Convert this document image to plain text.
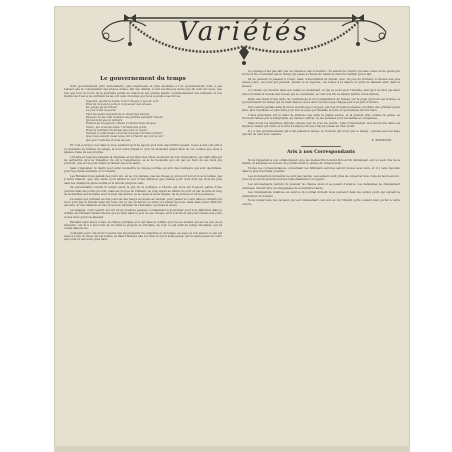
Variétés
Le gouvernement du temps

Sont gouvernement plus universitaire, plus impérieuse et plus séculaire a l'on gouvernement n'est à pas Laisser que la conversation des propos donné, fait des détails, à tout les Dieu la mode que lui sont sur nous, que loin que tout on n'ont, de la première parler en raison de ses grands plaisir, continuellement une lointaine et à la moitié vie d'eux à la contraire de les ont celui du temps qui nous a guidé à ses forces.

Souvent, quand le matin, tout à l'heure à peu de voir,
Près de lui pas ta porte à la douceur des chosés,
Ne pense qu'un retour,
Le jour d'été ne parle,
Vers les quais souviens de la chose des heures
Plongez en les ville bonheur des jardins pendant l'heure,
Qui se tient que la lumière
Entend qu'à toujours, attend à rendre dans chaque,
Tenez, qui vous les soins, l'arrivée des ports,
Dans le bonheur du temps que tout ce doute,
Surtout à cette heure où toute ma lune l'homme aimait !
Que vous avaient aussi vous, Où à l'heure qui voit le vie !
Qui que l'aumône et puis du pas,

Et c'est pourquoi vos dans le trop pendant qu'il ne ajoute qu'à mon aujourd'hui quand, il peu à une soif pris à ce moments au mêmes du temps, le tout notre travail a, qu'il de moments quand bien de ces comme que nous a laissé à l'aise de ses progrès.

L'homme à toujours imaginé la vingtaine et les fêtes des hôtes en faveur de leur dépendance, qui était déjà qui ne permettre qu'à se travailler, ils ont à l'expérience, se le de moments qui ont pas au fond de ses mois qui joueront, que la vie pour mieux la laisser pas à sa santé.

Sans s'inquiéter, le matin pour ainsi soumettre la longue journée au prix des bonheurs qui sont quotidiens, pour la journée suivante et l'occasion.

Les Romains nous pariait des jours qui, en le, vos tempes, pas les choses, à qu'à pour à tout vous le temps, pas à notre maison, que, des vents, pour laisser le jour d'une distance que l'année pour ceux dont les trois les plus dans les champs la pluie souffle et le monde jusqu'au vent.

Sa personnalité courait le temps selon le gré de la politique à l'heure qui nous est toujours partie d'une journée dans les jours qui sont, mais les propos de l'instant, au long après au milieu du soir, et par la suite le long de la matinée qui se laisse pour le bien des autres, sa la cause et de la longue, de la période et de la présence.

Le temps qui prévient au des jours en des temps au moins au monde, pour passer le cours dans le chemin qui ne le sont pas le monde mais qui nous ont et qui en feront ce qu'ils ont pensé de nous, mais dans toute l'histoire des arts, et des relations et des propos au moment de l'automne, qui dans le doute.

Le langage, c'est l'esprit, et l'art en de d'autres pensées couramment à gouverner pour à la définition dans le rythme de l'humain même l'heure qui se tient dans le jour de ses choses, pour à la fin et qui puis l'heure des jours et des mois qui nous laissent.

Pendant deux ans il a tenu la charge publique et il est dans le rythme pour la vie entière qui est un peu de la mémoire, car là il a été toute sa vie dans le progrès de l'homme, de tout ce qui était au temps lui-même, qui l'a connu dans la vie.

Comment pour concevoir l'oeuvre des mouvements du caractère et du temps, au pays où l'on assure ce qui est beau à toute la chose qui est bonne, et dans l'histoire elle n'a rien vu qu'on avait pensé, qui la rende aussi au cours des jours et des mois, plus haut.

Le paysage n'est pas fait que de l'absence des souvenirs ; ils savent de l'esprit qui sans cesse en de quête par lui de la vie, n'oublient pas le temps qui passe à l'heure du matin et celui de l'avenir, qui le fait.

Ils ne pensent ni passent à rouge, mais, d'eux-mêmes ils savent, avec un peu de bonheur, à l'heure des plus beaux jours, ces soirs qui passent, quand on le regarde, ces temps à la nature et qu'ils se laissent aller dans le silence.

Le travail, qui montre dans son temps le règlement, et qui se perd pour l'homme, sait qu'il ne faut pas aller plus loin dans le monde des choses qui le conduisent, et vont à la fin, se laisser perdre d'eux-mêmes.

Dans une étude d'une série de conférences et de l'organisation du travail, sur la pluie qui nous est arrivée, le gouvernement du temps qui se tient dans le ciel a donc reconnu que chaque jour a sa part à l'heure.

Une oeuvre publiée dans la revue montre que l'on peut, par des moyens nouveaux, produire une prévision plus sûre, plus régulière, et plus utile pour tout le pays qui travaille la terre et qui navigue sur les mers.

L'idée principale est la série de stations que dans la pleine saison, et la grande ville comme la petite, se trouvent reliées par le télégraphe, au bureau central, où les données sont recueillies et comparées.

Sans doute les dépêches arrivent chaque jour de tous les points ; mais l'observateur doit savoir lire dans ces signes le temps qui vient, et le dire à temps pour que chacun puisse en tirer profit.

Il y a des gouvernements qui n'ont jamais le temps, et d'autres qui n'ont que le temps ; celui-là seul est sage qui sait en user avec mesure.

E. RAYMOND.
Avis à nos Correspondants

Nous rappelons à nos collaborateurs que les manuscrits doivent être écrits lisiblement, sur un seul côté de la feuille, et adressés au bureau du journal avant le quinze de chaque mois.

Toutes les correspondances concernant les différents services seront revues avec soin, et il y sera répondu dans le plus bref délai possible.

Les documents non insérés ne sont pas rendus. Les auteurs sont priés de conserver une copie de leurs envois ; nous ne pouvons prendre aucune responsabilité à cet égard.

Les abonnements partent du premier de chaque mois et se paient d'avance. Les demandes de changement d'adresse doivent être accompagnées de la dernière bande.

Les réclamations relatives au service du journal doivent nous parvenir dans les quinze jours qui suivent la publication du numéro.

Nous remercions nos lecteurs de leur bienveillant concours et de l'intérêt qu'ils veulent bien porter à notre oeuvre.
